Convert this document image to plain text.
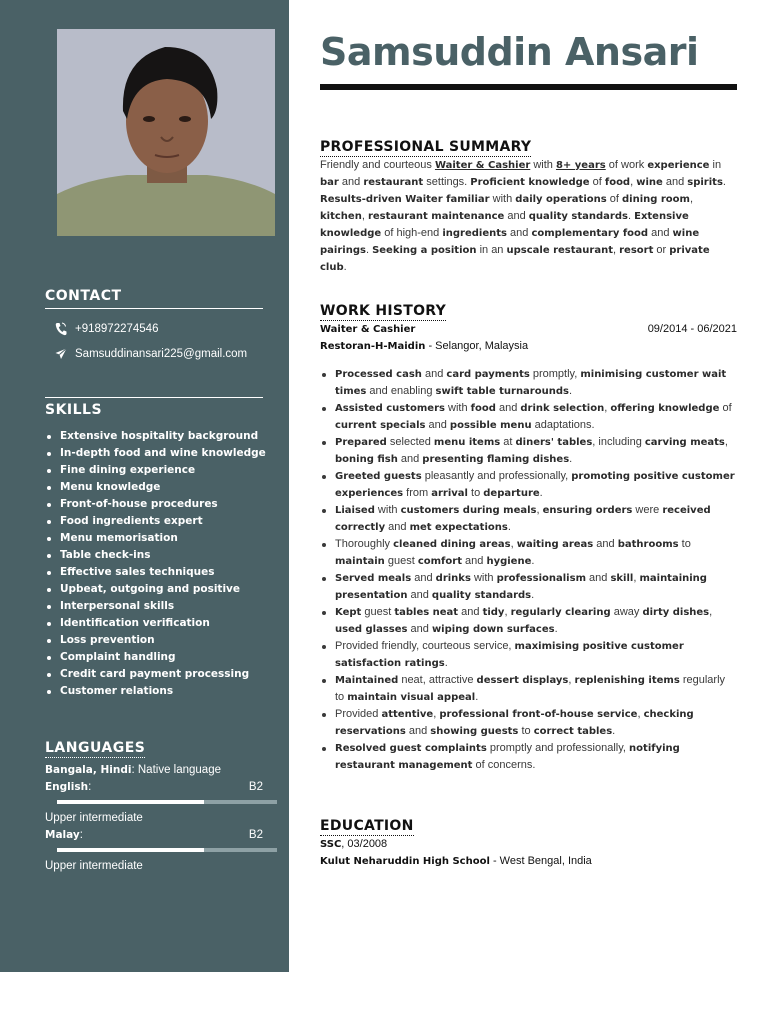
CONTACT
+918972274546
Samsuddinansari225@gmail.com
SKILLS
Extensive hospitality background
In-depth food and wine knowledge
Fine dining experience
Menu knowledge
Front-of-house procedures
Food ingredients expert
Menu memorisation
Table check-ins
Effective sales techniques
Upbeat, outgoing and positive
Interpersonal skills
Identification verification
Loss prevention
Complaint handling
Credit card payment processing
Customer relations
LANGUAGES
Bangala, Hindi: Native language
English:	B2
Upper intermediate
Malay:	B2
Upper intermediate
Samsuddin Ansari
PROFESSIONAL SUMMARY
Friendly and courteous Waiter & Cashier with 8+ years of work experience in bar and restaurant settings. Proficient knowledge of food, wine and spirits. Results-driven Waiter familiar with daily operations of dining room, kitchen, restaurant maintenance and quality standards. Extensive knowledge of high-end ingredients and complementary food and wine pairings. Seeking a position in an upscale restaurant, resort or private club.
WORK HISTORY
Waiter & Cashier	09/2014 - 06/2021
Restoran-H-Maidin - Selangor, Malaysia
Processed cash and card payments promptly, minimising customer wait times and enabling swift table turnarounds.
Assisted customers with food and drink selection, offering knowledge of current specials and possible menu adaptations.
Prepared selected menu items at diners' tables, including carving meats, boning fish and presenting flaming dishes.
Greeted guests pleasantly and professionally, promoting positive customer experiences from arrival to departure.
Liaised with customers during meals, ensuring orders were received correctly and met expectations.
Thoroughly cleaned dining areas, waiting areas and bathrooms to maintain guest comfort and hygiene.
Served meals and drinks with professionalism and skill, maintaining presentation and quality standards.
Kept guest tables neat and tidy, regularly clearing away dirty dishes, used glasses and wiping down surfaces.
Provided friendly, courteous service, maximising positive customer satisfaction ratings.
Maintained neat, attractive dessert displays, replenishing items regularly to maintain visual appeal.
Provided attentive, professional front-of-house service, checking reservations and showing guests to correct tables.
Resolved guest complaints promptly and professionally, notifying restaurant management of concerns.
EDUCATION
SSC, 03/2008
Kulut Neharuddin High School - West Bengal, India
